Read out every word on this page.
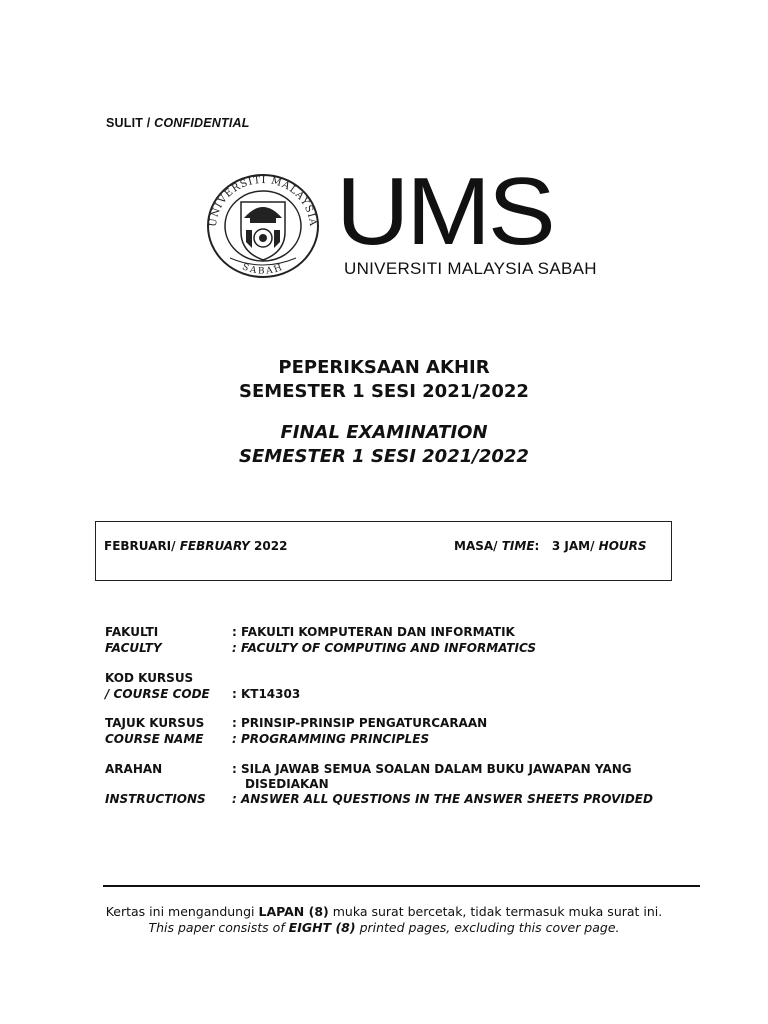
SULIT / CONFIDENTIAL
UNIVERSITI MALAYSIA
SABAH
UMS
UNIVERSITI MALAYSIA SABAH
PEPERIKSAAN AKHIR
SEMESTER 1 SESI 2021/2022
FINAL EXAMINATION
SEMESTER 1 SESI 2021/2022
FEBRUARI/ FEBRUARY 2022	MASA/ TIME:   3 JAM/ HOURS
FAKULTI
FACULTY
: FAKULTI KOMPUTERAN DAN INFORMATIK
: FACULTY OF COMPUTING AND INFORMATICS
KOD KURSUS
/ COURSE CODE : KT14303
TAJUK KURSUS
COURSE NAME
: PRINSIP-PRINSIP PENGATURCARAAN
: PROGRAMMING PRINCIPLES
ARAHAN
INSTRUCTIONS
: SILA JAWAB SEMUA SOALAN DALAM BUKU JAWAPAN YANG
DISEDIAKAN
: ANSWER ALL QUESTIONS IN THE ANSWER SHEETS PROVIDED
Kertas ini mengandungi LAPAN (8) muka surat bercetak, tidak termasuk muka surat ini.
This paper consists of EIGHT (8) printed pages, excluding this cover page.
